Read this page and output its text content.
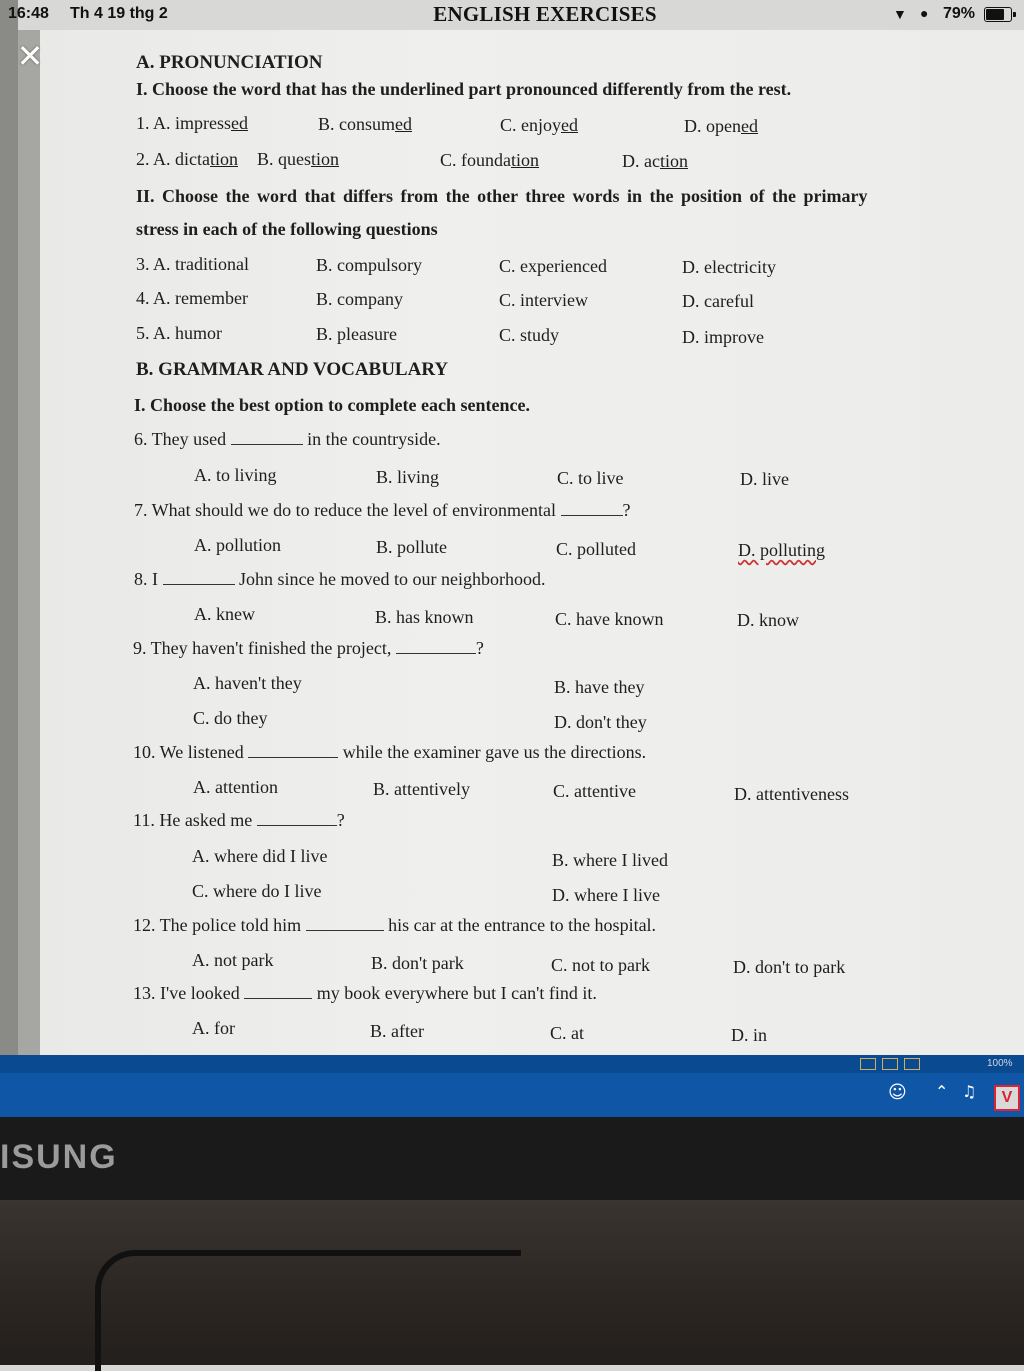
16:48 Th 4 19 thg 2	ENGLISH EXERCISES	▼ ● 79%
✕	A. PRONUNCIATION
I. Choose the word that has the underlined part pronounced differently from the rest.
1. A. impressed	B. consumed	C. enjoyed	D. opened
2. A. dictation B. question	C. foundation	D. action
II. Choose the word that differs from the other three words in the position of the primary
stress in each of the following questions
3. A. traditional	B. compulsory	C. experienced	D. electricity
4. A. remember	B. company	C. interview	D. careful
5. A. humor	B. pleasure	C. study	D. improve
B. GRAMMAR AND VOCABULARY
I. Choose the best option to complete each sentence.
6. They used	in the countryside.
A. to living	B. living	C. to live	D. live
7. What should we do to reduce the level of environmental	?
A. pollution	B. pollute	C. polluted	D. polluting
8. I	John since he moved to our neighborhood.
A. knew	B. has known	C. have known	D. know
9. They haven't finished the project,	?
A. haven't they	B. have they
C. do they	D. don't they
10. We listened	while the examiner gave us the directions.
A. attention	B. attentively	C. attentive	D. attentiveness
11. He asked me	?
A. where did I live	B. where I lived
C. where do I live	D. where I live
12. The police told him	his car at the entrance to the hospital.
A. not park	B. don't park	C. not to park	D. don't to park
13. I've looked	my book everywhere but I can't find it.
A. for	B. after	C. at	D. in
100%
☺ ⌃ ♫	V
ISUNG
